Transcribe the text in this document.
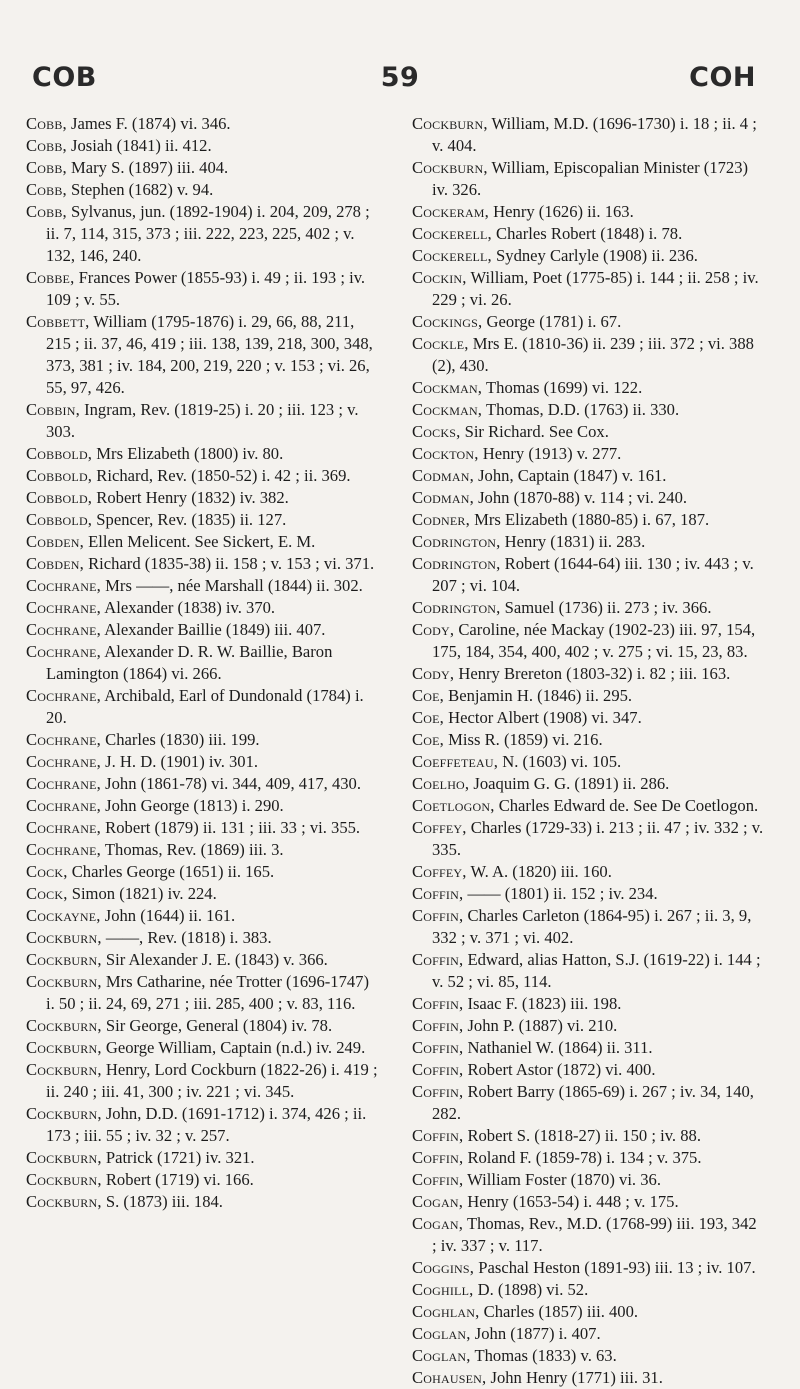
COB	59	COH

Cobb, James F. (1874) vi. 346.

Cobb, Josiah (1841) ii. 412.

Cobb, Mary S. (1897) iii. 404.

Cobb, Stephen (1682) v. 94.

Cobb, Sylvanus, jun. (1892-1904) i. 204, 209, 278 ; ii. 7, 114, 315, 373 ; iii. 222, 223, 225, 402 ; v. 132, 146, 240.

Cobbe, Frances Power (1855-93) i. 49 ; ii. 193 ; iv. 109 ; v. 55.

Cobbett, William (1795-1876) i. 29, 66, 88, 211, 215 ; ii. 37, 46, 419 ; iii. 138, 139, 218, 300, 348, 373, 381 ; iv. 184, 200, 219, 220 ; v. 153 ; vi. 26, 55, 97, 426.

Cobbin, Ingram, Rev. (1819-25) i. 20 ; iii. 123 ; v. 303.

Cobbold, Mrs Elizabeth (1800) iv. 80.

Cobbold, Richard, Rev. (1850-52) i. 42 ; ii. 369.

Cobbold, Robert Henry (1832) iv. 382.

Cobbold, Spencer, Rev. (1835) ii. 127.

Cobden, Ellen Melicent. See Sickert, E. M.

Cobden, Richard (1835-38) ii. 158 ; v. 153 ; vi. 371.

Cochrane, Mrs ——, née Marshall (1844) ii. 302.

Cochrane, Alexander (1838) iv. 370.

Cochrane, Alexander Baillie (1849) iii. 407.

Cochrane, Alexander D. R. W. Baillie, Baron Lamington (1864) vi. 266.

Cochrane, Archibald, Earl of Dundonald (1784) i. 20.

Cochrane, Charles (1830) iii. 199.

Cochrane, J. H. D. (1901) iv. 301.

Cochrane, John (1861-78) vi. 344, 409, 417, 430.

Cochrane, John George (1813) i. 290.

Cochrane, Robert (1879) ii. 131 ; iii. 33 ; vi. 355.

Cochrane, Thomas, Rev. (1869) iii. 3.

Cock, Charles George (1651) ii. 165.

Cock, Simon (1821) iv. 224.

Cockayne, John (1644) ii. 161.

Cockburn, ——, Rev. (1818) i. 383.

Cockburn, Sir Alexander J. E. (1843) v. 366.

Cockburn, Mrs Catharine, née Trotter (1696-1747) i. 50 ; ii. 24, 69, 271 ; iii. 285, 400 ; v. 83, 116.

Cockburn, Sir George, General (1804) iv. 78.

Cockburn, George William, Captain (n.d.) iv. 249.

Cockburn, Henry, Lord Cockburn (1822-26) i. 419 ; ii. 240 ; iii. 41, 300 ; iv. 221 ; vi. 345.

Cockburn, John, D.D. (1691-1712) i. 374, 426 ; ii. 173 ; iii. 55 ; iv. 32 ; v. 257.

Cockburn, Patrick (1721) iv. 321.

Cockburn, Robert (1719) vi. 166.

Cockburn, S. (1873) iii. 184.

Cockburn, William, M.D. (1696-1730) i. 18 ; ii. 4 ; v. 404.

Cockburn, William, Episcopalian Minister (1723) iv. 326.

Cockeram, Henry (1626) ii. 163.

Cockerell, Charles Robert (1848) i. 78.

Cockerell, Sydney Carlyle (1908) ii. 236.

Cockin, William, Poet (1775-85) i. 144 ; ii. 258 ; iv. 229 ; vi. 26.

Cockings, George (1781) i. 67.

Cockle, Mrs E. (1810-36) ii. 239 ; iii. 372 ; vi. 388 (2), 430.

Cockman, Thomas (1699) vi. 122.

Cockman, Thomas, D.D. (1763) ii. 330.

Cocks, Sir Richard. See Cox.

Cockton, Henry (1913) v. 277.

Codman, John, Captain (1847) v. 161.

Codman, John (1870-88) v. 114 ; vi. 240.

Codner, Mrs Elizabeth (1880-85) i. 67, 187.

Codrington, Henry (1831) ii. 283.

Codrington, Robert (1644-64) iii. 130 ; iv. 443 ; v. 207 ; vi. 104.

Codrington, Samuel (1736) ii. 273 ; iv. 366.

Cody, Caroline, née Mackay (1902-23) iii. 97, 154, 175, 184, 354, 400, 402 ; v. 275 ; vi. 15, 23, 83.

Cody, Henry Brereton (1803-32) i. 82 ; iii. 163.

Coe, Benjamin H. (1846) ii. 295.

Coe, Hector Albert (1908) vi. 347.

Coe, Miss R. (1859) vi. 216.

Coeffeteau, N. (1603) vi. 105.

Coelho, Joaquim G. G. (1891) ii. 286.

Coetlogon, Charles Edward de. See De Coetlogon.

Coffey, Charles (1729-33) i. 213 ; ii. 47 ; iv. 332 ; v. 335.

Coffey, W. A. (1820) iii. 160.

Coffin, —— (1801) ii. 152 ; iv. 234.

Coffin, Charles Carleton (1864-95) i. 267 ; ii. 3, 9, 332 ; v. 371 ; vi. 402.

Coffin, Edward, alias Hatton, S.J. (1619-22) i. 144 ; v. 52 ; vi. 85, 114.

Coffin, Isaac F. (1823) iii. 198.

Coffin, John P. (1887) vi. 210.

Coffin, Nathaniel W. (1864) ii. 311.

Coffin, Robert Astor (1872) vi. 400.

Coffin, Robert Barry (1865-69) i. 267 ; iv. 34, 140, 282.

Coffin, Robert S. (1818-27) ii. 150 ; iv. 88.

Coffin, Roland F. (1859-78) i. 134 ; v. 375.

Coffin, William Foster (1870) vi. 36.

Cogan, Henry (1653-54) i. 448 ; v. 175.

Cogan, Thomas, Rev., M.D. (1768-99) iii. 193, 342 ; iv. 337 ; v. 117.

Coggins, Paschal Heston (1891-93) iii. 13 ; iv. 107.

Coghill, D. (1898) vi. 52.

Coghlan, Charles (1857) iii. 400.

Coglan, John (1877) i. 407.

Coglan, Thomas (1833) v. 63.

Cohausen, John Henry (1771) iii. 31.
